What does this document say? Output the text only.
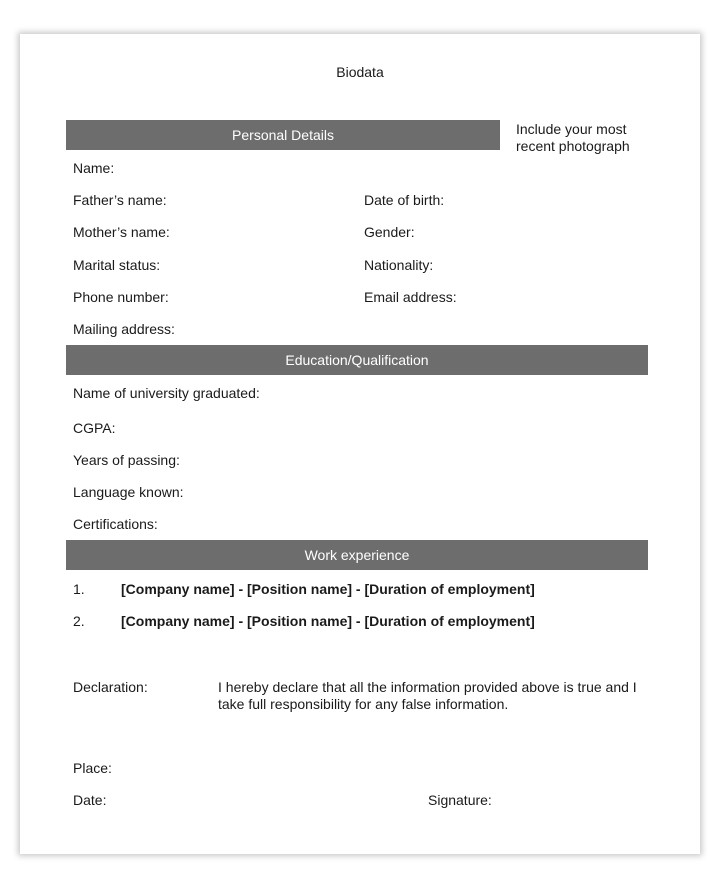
Biodata
Personal Details	Include your most recent photograph
Name:
Father’s name:	Date of birth:
Mother’s name:	Gender:
Marital status:	Nationality:
Phone number:	Email address:
Mailing address:
Education/Qualification
Name of university graduated:
CGPA:
Years of passing:
Language known:
Certifications:
Work experience
1.	[Company name] - [Position name] - [Duration of employment]
2.	[Company name] - [Position name] - [Duration of employment]
Declaration:	I hereby declare that all the information provided above is true and I take full responsibility for any false information.
Place:
Date:	Signature:
